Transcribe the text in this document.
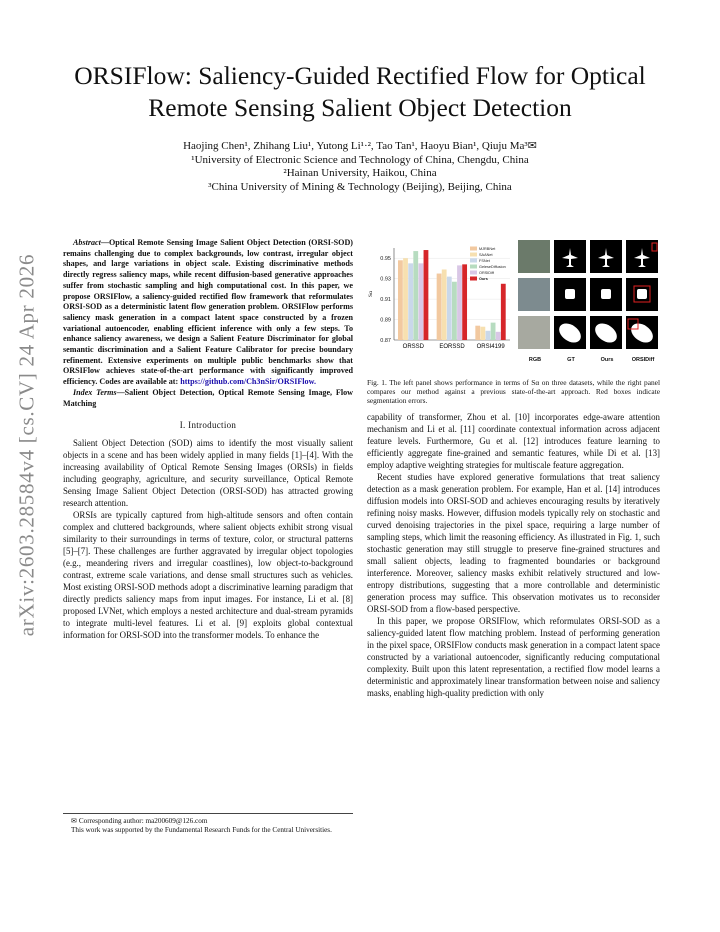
arXiv:2603.28584v4 [cs.CV] 24 Apr 2026
ORSIFlow: Saliency-Guided Rectified Flow for Optical Remote Sensing Salient Object Detection
Haojing Chen¹, Zhihang Liu¹, Yutong Li¹·², Tao Tan¹, Haoyu Bian¹, Qiuju Ma³✉
¹University of Electronic Science and Technology of China, Chengdu, China
²Hainan University, Haikou, China
³China University of Mining & Technology (Beijing), Beijing, China

Abstract—Optical Remote Sensing Image Salient Object Detection (ORSI-SOD) remains challenging due to complex backgrounds, low contrast, irregular object shapes, and large variations in object scale. Existing discriminative methods directly regress saliency maps, while recent diffusion-based generative approaches suffer from stochastic sampling and high computational cost. In this paper, we propose ORSIFlow, a saliency-guided rectified flow framework that reformulates ORSI-SOD as a deterministic latent flow generation problem. ORSIFlow performs saliency mask generation in a compact latent space constructed by a frozen variational autoencoder, enabling efficient inference with only a few steps. To enhance saliency awareness, we design a Salient Feature Discriminator for global semantic discrimination and a Salient Feature Calibrator for precise boundary refinement. Extensive experiments on multiple public benchmarks show that ORSIFlow achieves state-of-the-art performance with significantly improved efficiency. Codes are available at: https://github.com/Ch3nSir/ORSIFlow.

Index Terms—Salient Object Detection, Optical Remote Sensing Image, Flow Matching

I. Introduction

Salient Object Detection (SOD) aims to identify the most visually salient objects in a scene and has been widely applied in many fields [1]–[4]. With the increasing availability of Optical Remote Sensing Images (ORSIs) in fields including geography, agriculture, and security surveillance, Optical Remote Sensing Image Salient Object Detection (ORSI-SOD) has attracted growing research attention.

ORSIs are typically captured from high-altitude sensors and often contain complex and cluttered backgrounds, where salient objects exhibit strong visual similarity to their surroundings in terms of texture, color, or structural patterns [5]–[7]. These challenges are further aggravated by irregular object topologies (e.g., meandering rivers and irregular coastlines), low object-to-background contrast, extreme scale variations, and dense small structures such as vehicles. Most existing ORSI-SOD methods adopt a discriminative learning paradigm that directly predicts saliency maps from input images. For instance, Li et al. [8] proposed LVNet, which employs a nested architecture and dual-stream pyramids to integrate multi-level features. Li et al. [9] exploits global contextual information for ORSI-SOD into the transformer models. To enhance the

✉ Corresponding author: ma200609@126.com

This work was supported by the Fundamental Research Funds for the Central Universities.

0.87
0.89
0.91
0.93
0.95
Sα
ORSSD	EORSSD ORSI4199
MJRBNet
SAANet
FSNet
GeleseDiffusion
ORSIDiff
Ours
RGB	GT	Ours	ORSIDiff

Fig. 1. The left panel shows performance in terms of Sα on three datasets, while the right panel compares our method against a previous state-of-the-art approach. Red boxes indicate segmentation errors.

capability of transformer, Zhou et al. [10] incorporates edge-aware attention mechanism and Li et al. [11] coordinate contextual information across adjacent feature levels. Furthermore, Gu et al. [12] introduces feature learning to efficiently aggregate fine-grained and semantic features, while Di et al. [13] employ adaptive weighting strategies for multiscale feature aggregation.

Recent studies have explored generative formulations that treat saliency detection as a mask generation problem. For example, Han et al. [14] introduces diffusion models into ORSI-SOD and achieves encouraging results by iteratively refining noisy masks. However, diffusion models typically rely on stochastic and curved denoising trajectories in the pixel space, requiring a large number of sampling steps, which limit the reasoning efficiency. As illustrated in Fig. 1, such stochastic generation may still struggle to preserve fine-grained structures and small salient objects, leading to fragmented boundaries or background interference. Moreover, saliency masks exhibit relatively structured and low-entropy distributions, suggesting that a more controllable and deterministic generation process may suffice. This observation motivates us to reconsider ORSI-SOD from a flow-based perspective.

In this paper, we propose ORSIFlow, which reformulates ORSI-SOD as a saliency-guided latent flow matching problem. Instead of performing generation in the pixel space, ORSIFlow conducts mask generation in a compact latent space constructed by a variational autoencoder, significantly reducing computational complexity. Built upon this latent representation, a rectified flow model learns a deterministic and approximately linear transformation between noise and saliency masks, enabling high-quality prediction with only
